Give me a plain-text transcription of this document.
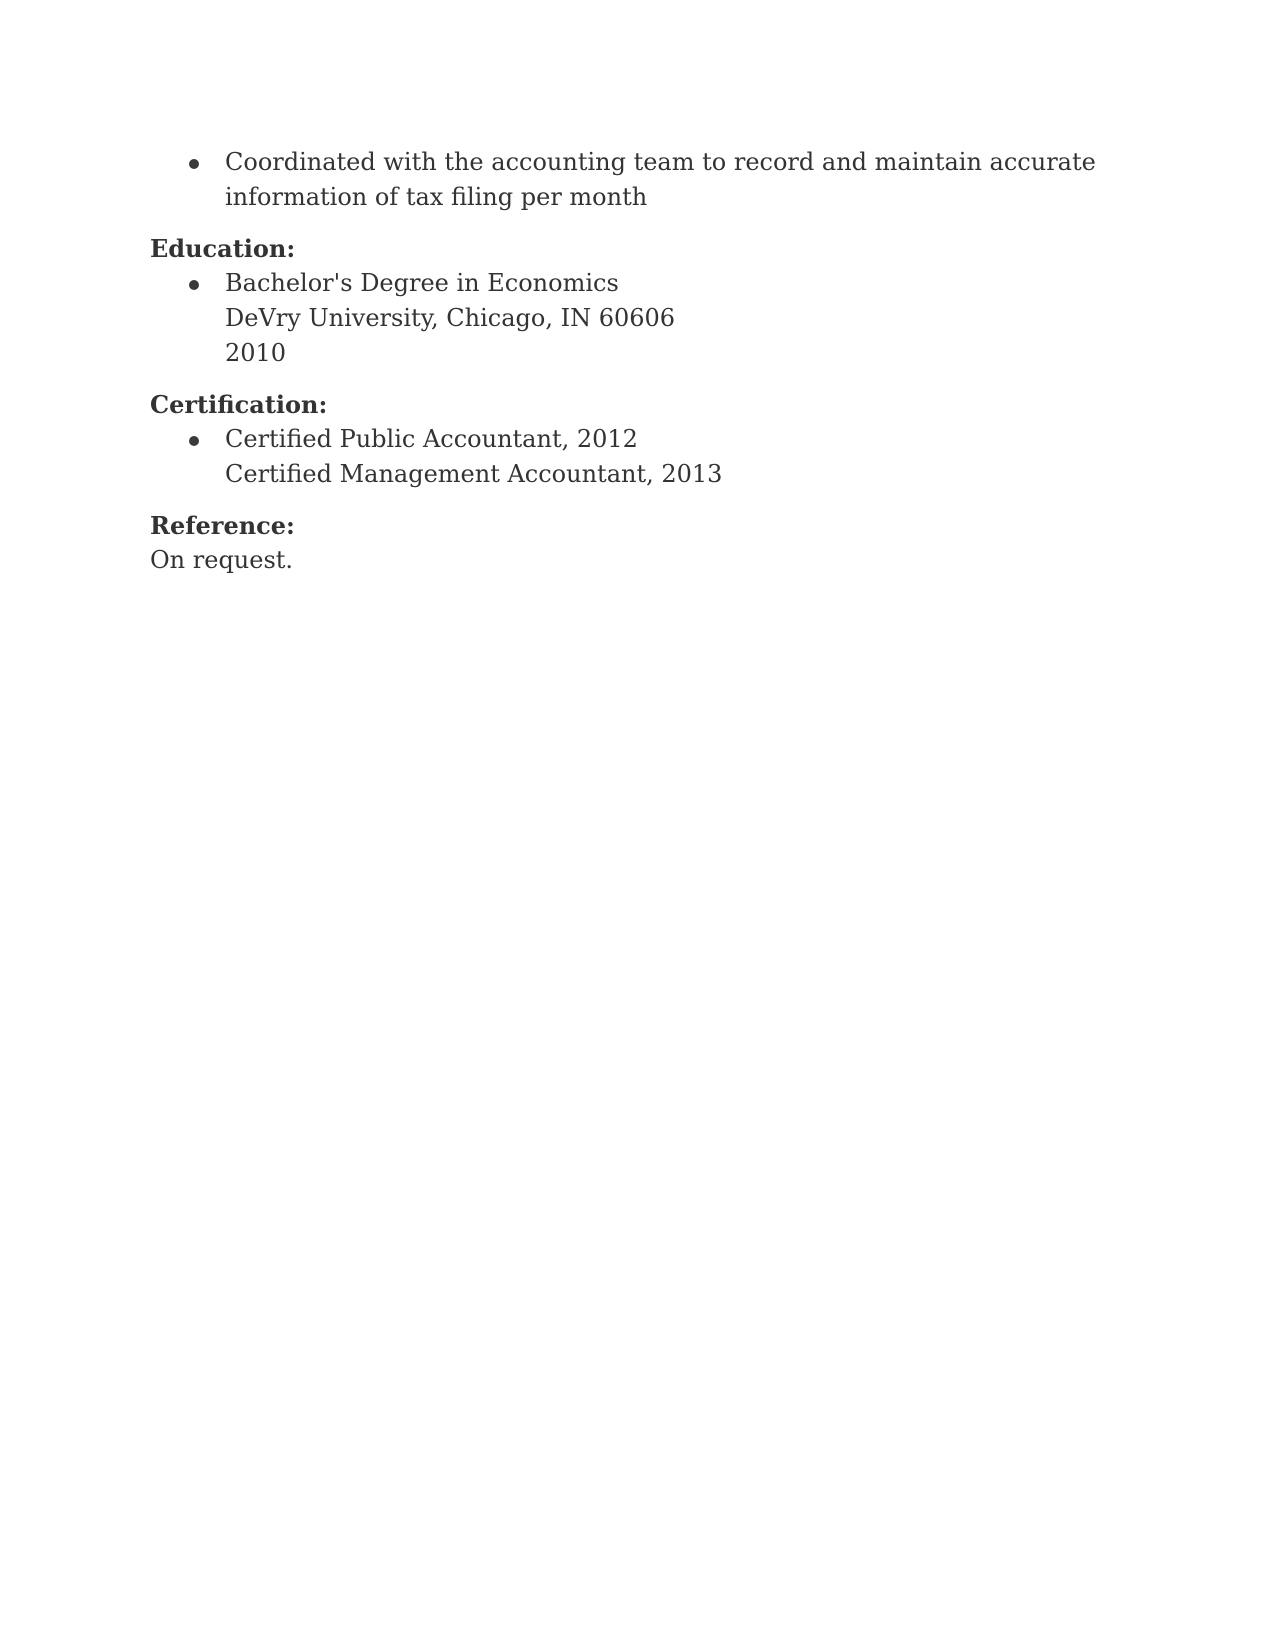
Coordinated with the accounting team to record and maintain accurate
information of tax filing per month
Education:
Bachelor's Degree in Economics
DeVry University, Chicago, IN 60606
2010
Certification:
Certified Public Accountant, 2012
Certified Management Accountant, 2013
Reference:
On request.
